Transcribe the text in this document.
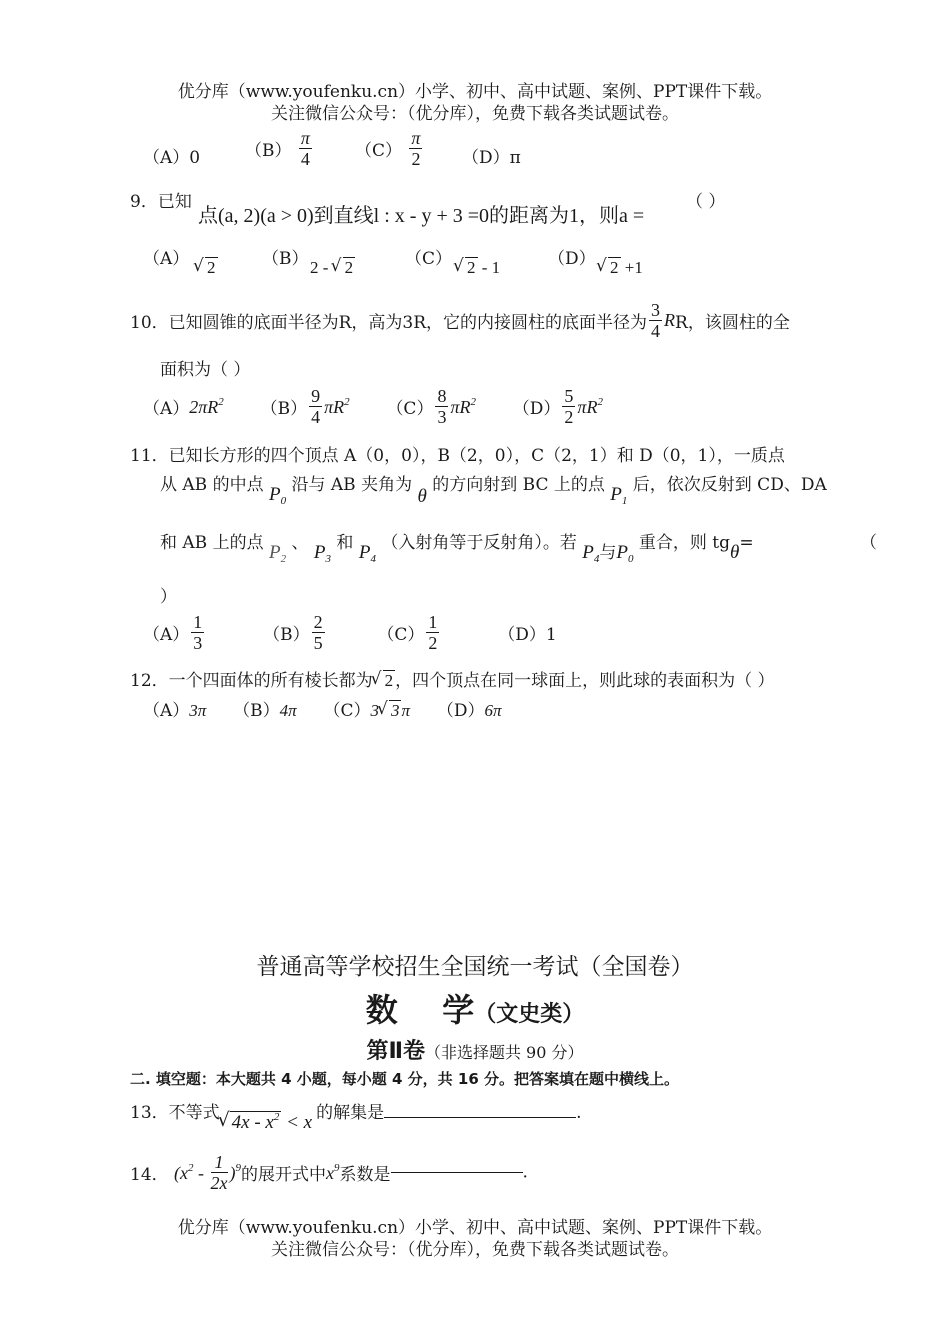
优分库（www.youfenku.cn）小学、初中、高中试题、案例、PPT课件下载。
关注微信公众号：（优分库），免费下载各类试题试卷。
（A）0	$(B) \frac{\pi}{4}$	$(C) \frac{\pi}{2} (D)\pi$
9．已知
点(a, 2)(a > 0)到直线l : x - y + 3 =0的距离为1，则a =
（ ）
（A）	√ 2	（B） 2 - √ 2	（C） √ 2 - 1	（D） √ 2 +1
10．已知圆锥的底面半径为R，高为3R，它的内接圆柱的底面半径为 $\frac{3}{4}$ RR，该圆柱的全
面积为（ ）
$(A)2\pi R^2$ $(B) \frac{9}{4} \pi R^2$ $(C) \frac{8}{3} \pi R^2$ $(D) \frac{5}{2} \pi R^2$
11．已知长方形的四个顶点 A（0，0），B（2，0），C（2，1）和 D（0，1），一质点
从 AB 的中点 $P_0$ 沿与 AB 夹角为 θ 的方向射到 BC 上的点 $P_1$ 后，依次反射到 CD、DA
和 AB 上的点 $P_2$ 、 $P_3$ 和 $P_4$ （入射角等于反射角）。若 $P_4$与$P_0$ 重合，则 tgθ=	（
）
$(A) \frac{1}{3}$	$(B) \frac{2}{5}$	$(C) \frac{1}{2}$	（D）1
12．一个四面体的所有棱长都为 √ 2 ，四个顶点在同一球面上，则此球的表面积为（ ）
（A）3π （B）4π （C）3 √ 3 π （D）6π
普通高等学校招生全国统一考试（全国卷）
数    学（文史类）
第Ⅱ卷（非选择题共 90 分）
二. 填空题：本大题共 4 小题，每小题 4 分，共 16 分。把答案填在题中横线上。
13．不等式 √ $4x - x^2 < x$ 的解集是	.
14． $(x^2 - \frac{1}{2x} )^9$的展开式中$x^9$系数是	.
优分库（www.youfenku.cn）小学、初中、高中试题、案例、PPT课件下载。
关注微信公众号：（优分库），免费下载各类试题试卷。
